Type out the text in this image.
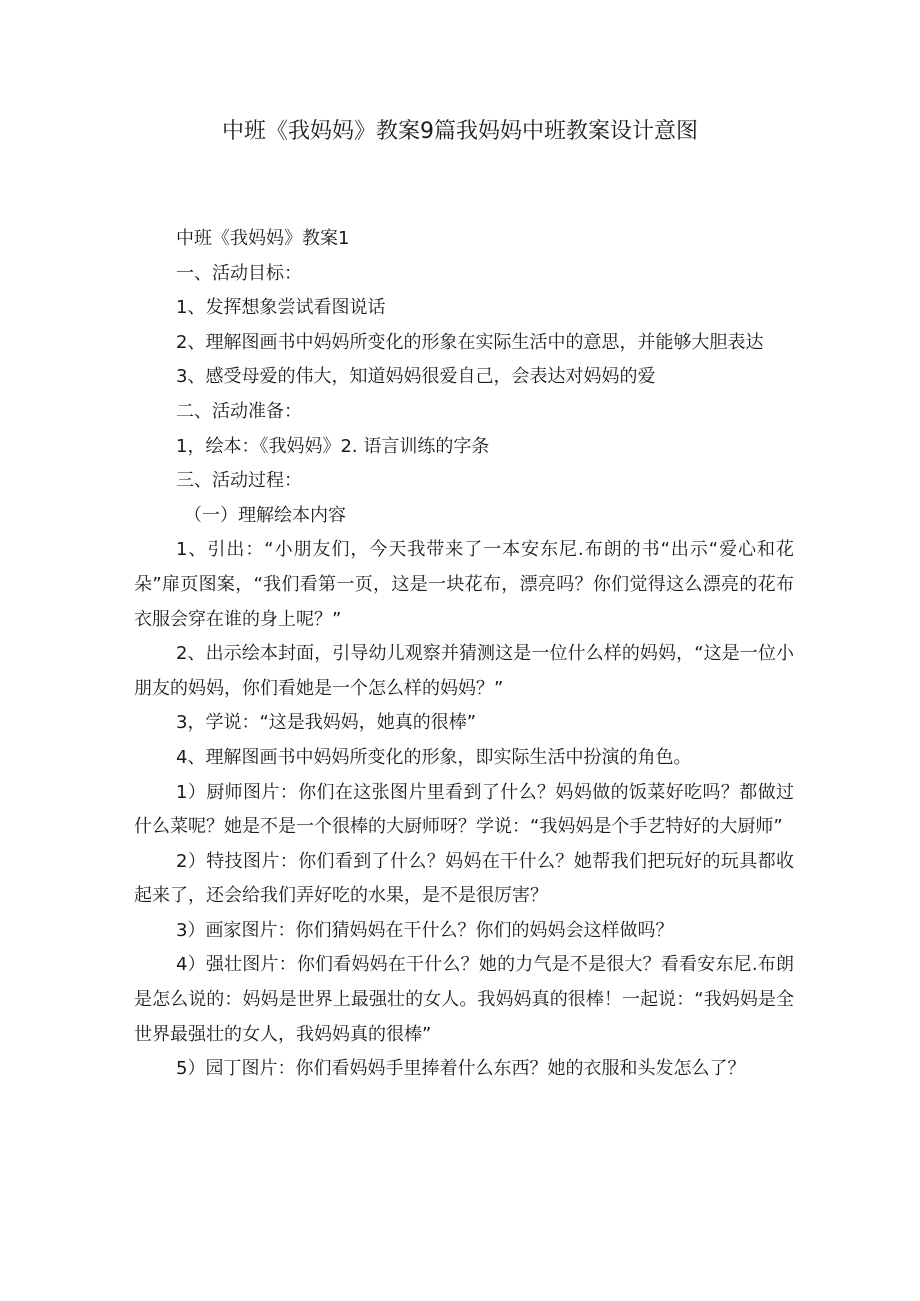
中班《我妈妈》教案9篇我妈妈中班教案设计意图

中班《我妈妈》教案1

一、活动目标：

1、发挥想象尝试看图说话

2、理解图画书中妈妈所变化的形象在实际生活中的意思，并能够大胆表达

3、感受母爱的伟大，知道妈妈很爱自己，会表达对妈妈的爱

二、活动准备：

1，绘本：《我妈妈》2. 语言训练的字条

三、活动过程：

（一）理解绘本内容

1、引出：“小朋友们，今天我带来了一本安东尼.布朗的书“出示“爱心和花朵”扉页图案，“我们看第一页，这是一块花布，漂亮吗？你们觉得这么漂亮的花布衣服会穿在谁的身上呢？”

2、出示绘本封面，引导幼儿观察并猜测这是一位什么样的妈妈，“这是一位小朋友的妈妈，你们看她是一个怎么样的妈妈？”

3，学说：“这是我妈妈，她真的很棒”

4、理解图画书中妈妈所变化的形象，即实际生活中扮演的角色。

1）厨师图片：你们在这张图片里看到了什么？妈妈做的饭菜好吃吗？都做过什么菜呢？她是不是一个很棒的大厨师呀？学说：“我妈妈是个手艺特好的大厨师”

2）特技图片：你们看到了什么？妈妈在干什么？她帮我们把玩好的玩具都收起来了，还会给我们弄好吃的水果，是不是很厉害？

3）画家图片：你们猜妈妈在干什么？你们的妈妈会这样做吗？

4）强壮图片：你们看妈妈在干什么？她的力气是不是很大？看看安东尼.布朗是怎么说的：妈妈是世界上最强壮的女人。我妈妈真的很棒！一起说：“我妈妈是全世界最强壮的女人，我妈妈真的很棒”

5）园丁图片：你们看妈妈手里捧着什么东西？她的衣服和头发怎么了？
